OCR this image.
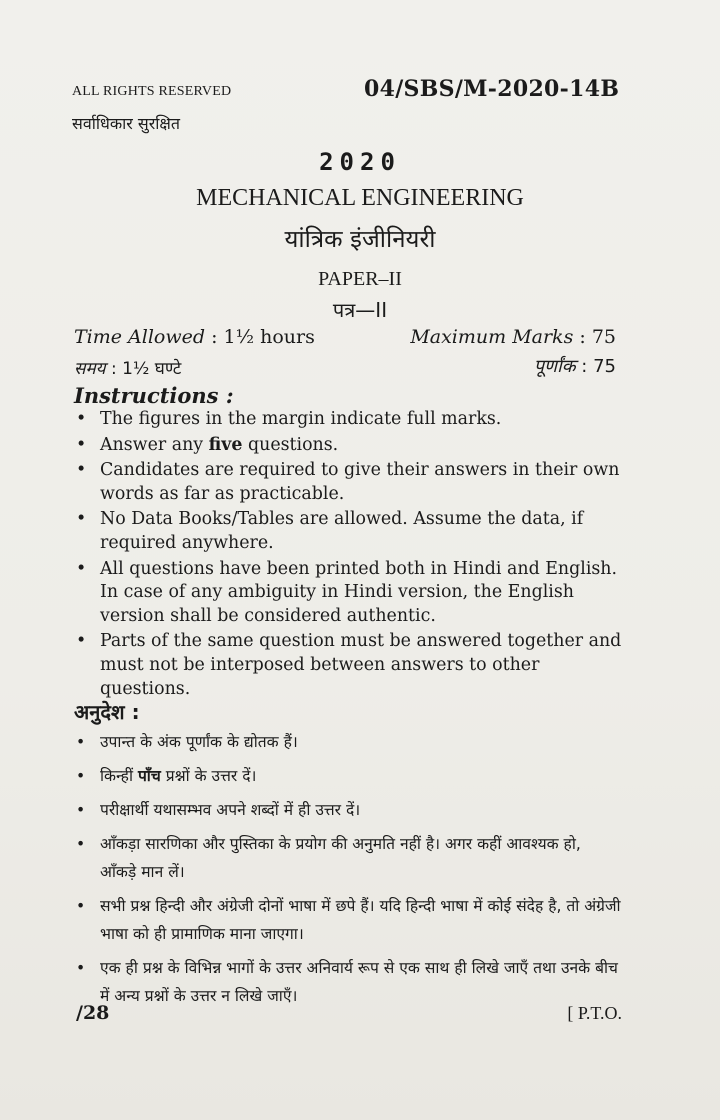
ALL RIGHTS RESERVED
सर्वाधिकार सुरक्षित
04/SBS/M-2020-14B
2020
MECHANICAL ENGINEERING
यांत्रिक इंजीनियरी
PAPER–II
पत्र—II
Time Allowed : 1½ hours	Maximum Marks : 75
समय : 1½ घण्टे	पूर्णांक : 75
Instructions :
• The figures in the margin indicate full marks.
• Answer any five questions.
• Candidates are required to give their answers in their own words as far as practicable.
• No Data Books/Tables are allowed. Assume the data, if required anywhere.
• All questions have been printed both in Hindi and English. In case of any ambiguity in Hindi version, the English version shall be considered authentic.
• Parts of the same question must be answered together and must not be interposed between answers to other questions.
अनुदेश :
• उपान्त के अंक पूर्णांक के द्योतक हैं।
• किन्हीं पाँच प्रश्नों के उत्तर दें।
• परीक्षार्थी यथासम्भव अपने शब्दों में ही उत्तर दें।
• आँकड़ा सारणिका और पुस्तिका के प्रयोग की अनुमति नहीं है। अगर कहीं आवश्यक हो, आँकड़े मान लें।
• सभी प्रश्न हिन्दी और अंग्रेजी दोनों भाषा में छपे हैं। यदि हिन्दी भाषा में कोई संदेह है, तो अंग्रेजी भाषा को ही प्रामाणिक माना जाएगा।
• एक ही प्रश्न के विभिन्न भागों के उत्तर अनिवार्य रूप से एक साथ ही लिखे जाएँ तथा उनके बीच में अन्य प्रश्नों के उत्तर न लिखे जाएँ।
/28	[ P.T.O.
